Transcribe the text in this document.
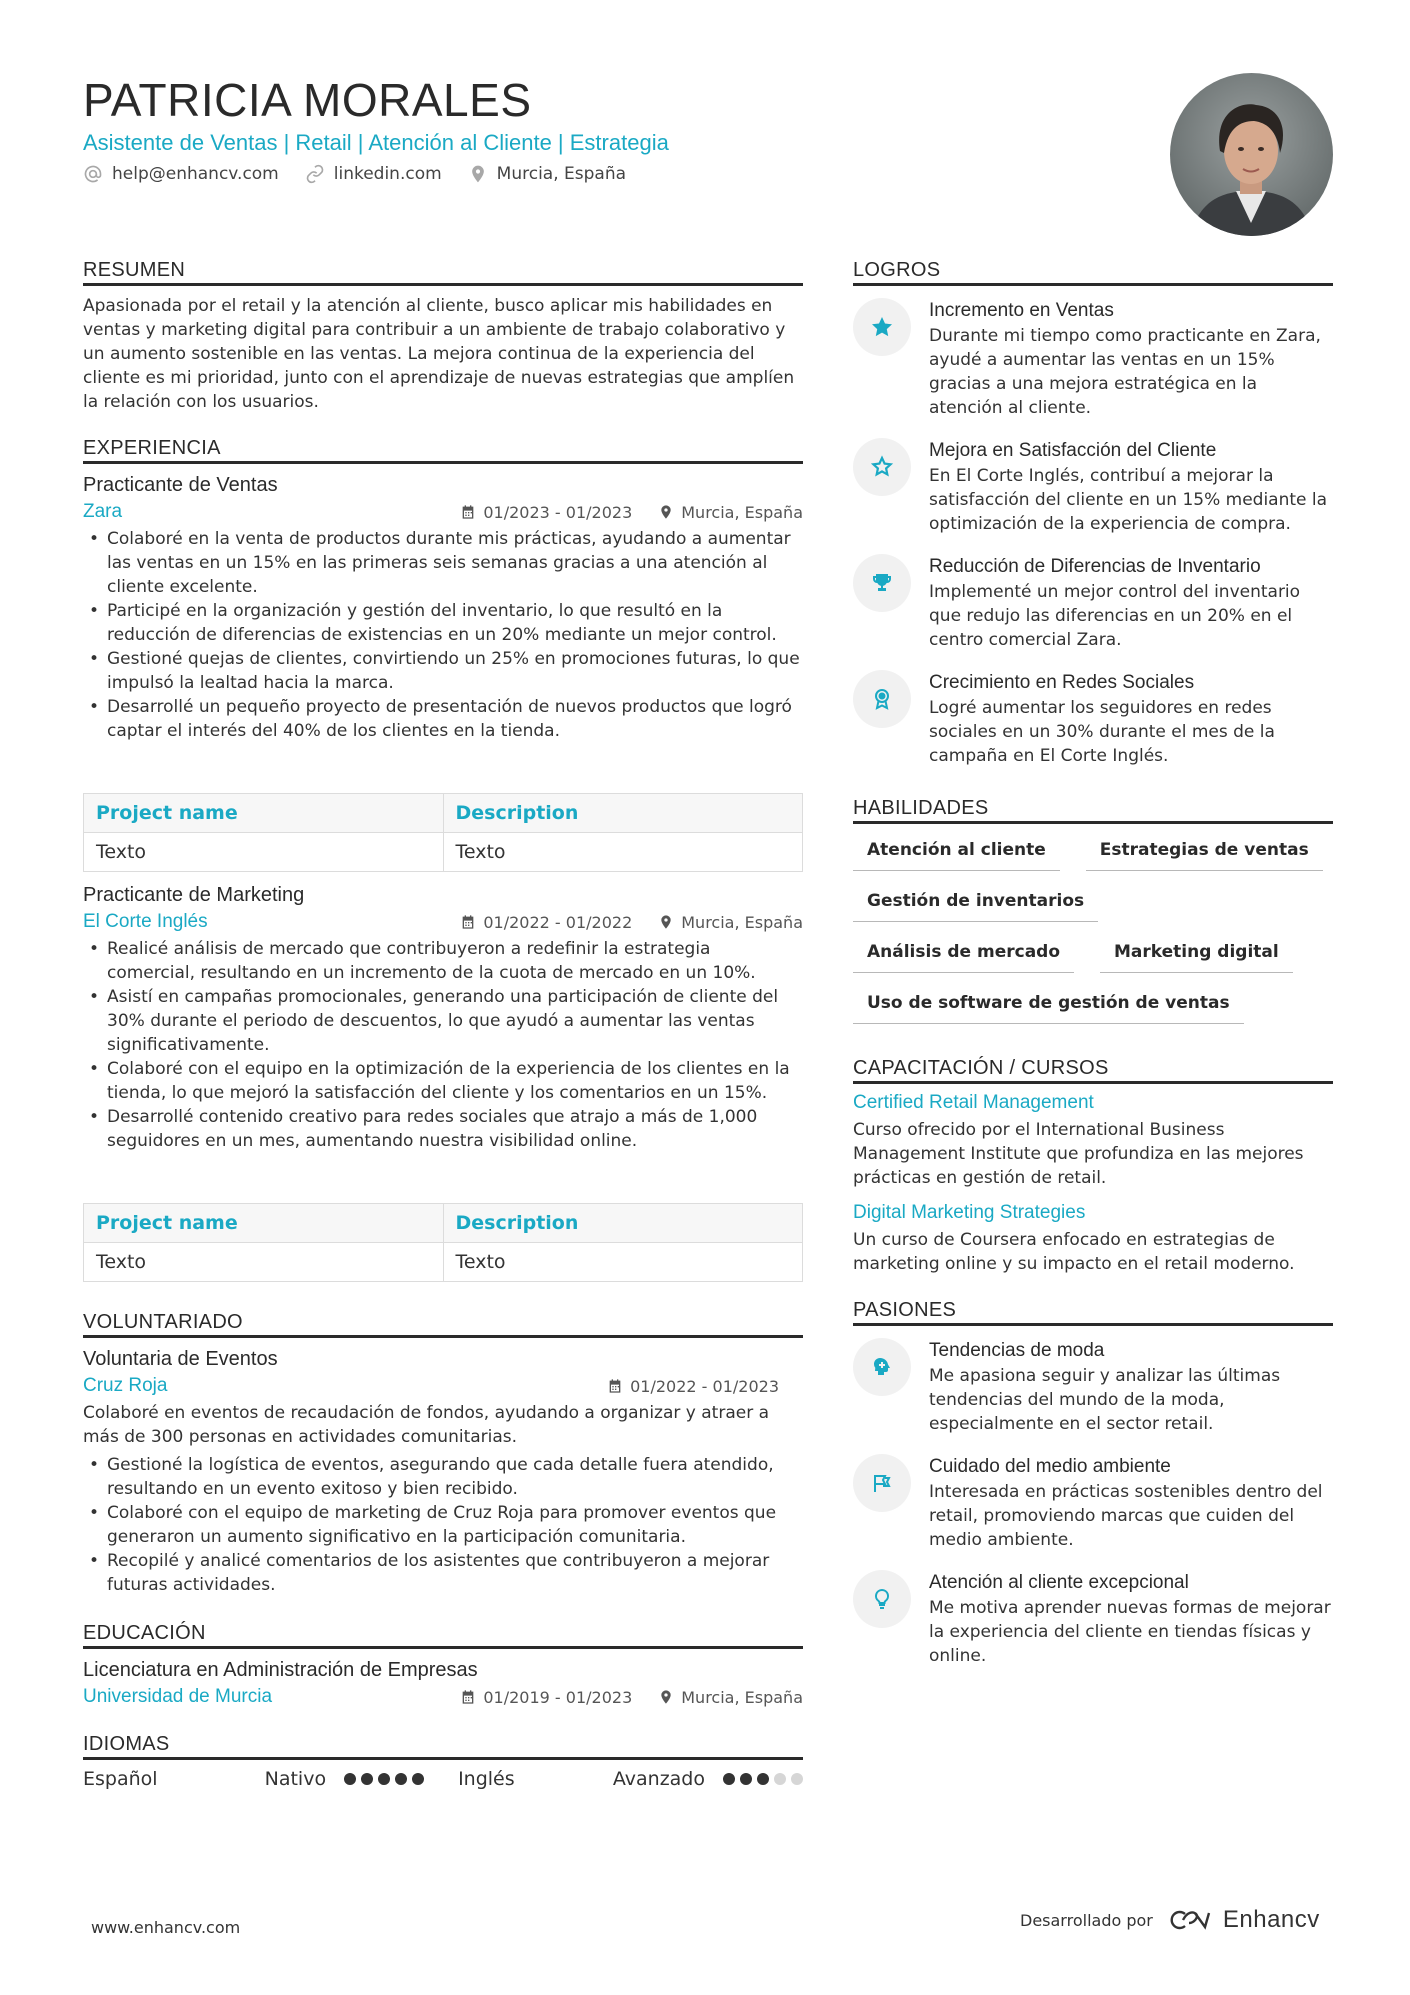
PATRICIA MORALES
Asistente de Ventas | Retail | Atención al Cliente | Estrategia
help@enhancv.com	linkedin.com	Murcia, España
RESUMEN
Apasionada por el retail y la atención al cliente, busco aplicar mis habilidades en ventas y marketing digital para contribuir a un ambiente de trabajo colaborativo y un aumento sostenible en las ventas. La mejora continua de la experiencia del cliente es mi prioridad, junto con el aprendizaje de nuevas estrategias que amplíen la relación con los usuarios.
EXPERIENCIA
Practicante de Ventas
Zara	01/2023 - 01/2023	Murcia, España
• Colaboré en la venta de productos durante mis prácticas, ayudando a aumentar las ventas en un 15% en las primeras seis semanas gracias a una atención al cliente excelente.
• Participé en la organización y gestión del inventario, lo que resultó en la reducción de diferencias de existencias en un 20% mediante un mejor control.
• Gestioné quejas de clientes, convirtiendo un 25% en promociones futuras, lo que impulsó la lealtad hacia la marca.
• Desarrollé un pequeño proyecto de presentación de nuevos productos que logró captar el interés del 40% de los clientes en la tienda.
Project name	Description
Texto	Texto
Practicante de Marketing
El Corte Inglés	01/2022 - 01/2022	Murcia, España
• Realicé análisis de mercado que contribuyeron a redefinir la estrategia comercial, resultando en un incremento de la cuota de mercado en un 10%.
• Asistí en campañas promocionales, generando una participación de cliente del 30% durante el periodo de descuentos, lo que ayudó a aumentar las ventas significativamente.
• Colaboré con el equipo en la optimización de la experiencia de los clientes en la tienda, lo que mejoró la satisfacción del cliente y los comentarios en un 15%.
• Desarrollé contenido creativo para redes sociales que atrajo a más de 1,000 seguidores en un mes, aumentando nuestra visibilidad online.
Project name	Description
Texto	Texto
VOLUNTARIADO
Voluntaria de Eventos
Cruz Roja	01/2022 - 01/2023
Colaboré en eventos de recaudación de fondos, ayudando a organizar y atraer a más de 300 personas en actividades comunitarias.
• Gestioné la logística de eventos, asegurando que cada detalle fuera atendido, resultando en un evento exitoso y bien recibido.
• Colaboré con el equipo de marketing de Cruz Roja para promover eventos que generaron un aumento significativo en la participación comunitaria.
• Recopilé y analicé comentarios de los asistentes que contribuyeron a mejorar futuras actividades.
EDUCACIÓN
Licenciatura en Administración de Empresas
Universidad de Murcia	01/2019 - 01/2023	Murcia, España
IDIOMAS
Español	Nativo	Inglés	Avanzado
LOGROS
Incremento en Ventas
Durante mi tiempo como practicante en Zara, ayudé a aumentar las ventas en un 15% gracias a una mejora estratégica en la atención al cliente.
Mejora en Satisfacción del Cliente
En El Corte Inglés, contribuí a mejorar la satisfacción del cliente en un 15% mediante la optimización de la experiencia de compra.
Reducción de Diferencias de Inventario
Implementé un mejor control del inventario que redujo las diferencias en un 20% en el centro comercial Zara.
Crecimiento en Redes Sociales
Logré aumentar los seguidores en redes sociales en un 30% durante el mes de la campaña en El Corte Inglés.
HABILIDADES
Atención al cliente	Estrategias de ventas
Gestión de inventarios
Análisis de mercado	Marketing digital
Uso de software de gestión de ventas
CAPACITACIÓN / CURSOS
Certified Retail Management
Curso ofrecido por el International Business Management Institute que profundiza en las mejores prácticas en gestión de retail.
Digital Marketing Strategies
Un curso de Coursera enfocado en estrategias de marketing online y su impacto en el retail moderno.
PASIONES
Tendencias de moda
Me apasiona seguir y analizar las últimas tendencias del mundo de la moda, especialmente en el sector retail.
Cuidado del medio ambiente
Interesada en prácticas sostenibles dentro del retail, promoviendo marcas que cuiden del medio ambiente.
Atención al cliente excepcional
Me motiva aprender nuevas formas de mejorar la experiencia del cliente en tiendas físicas y online.
www.enhancv.com	Desarrollado por	Enhancv
